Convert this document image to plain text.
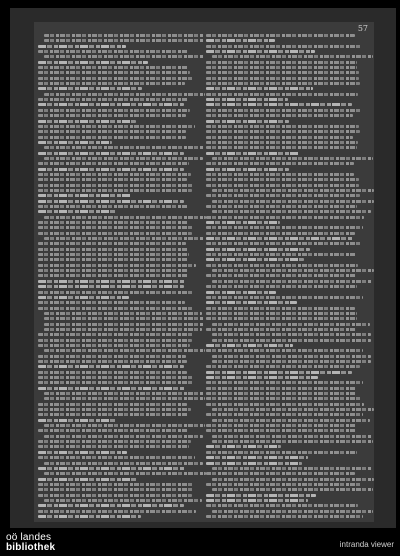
57
oö landes
bibliothek	intranda viewer
